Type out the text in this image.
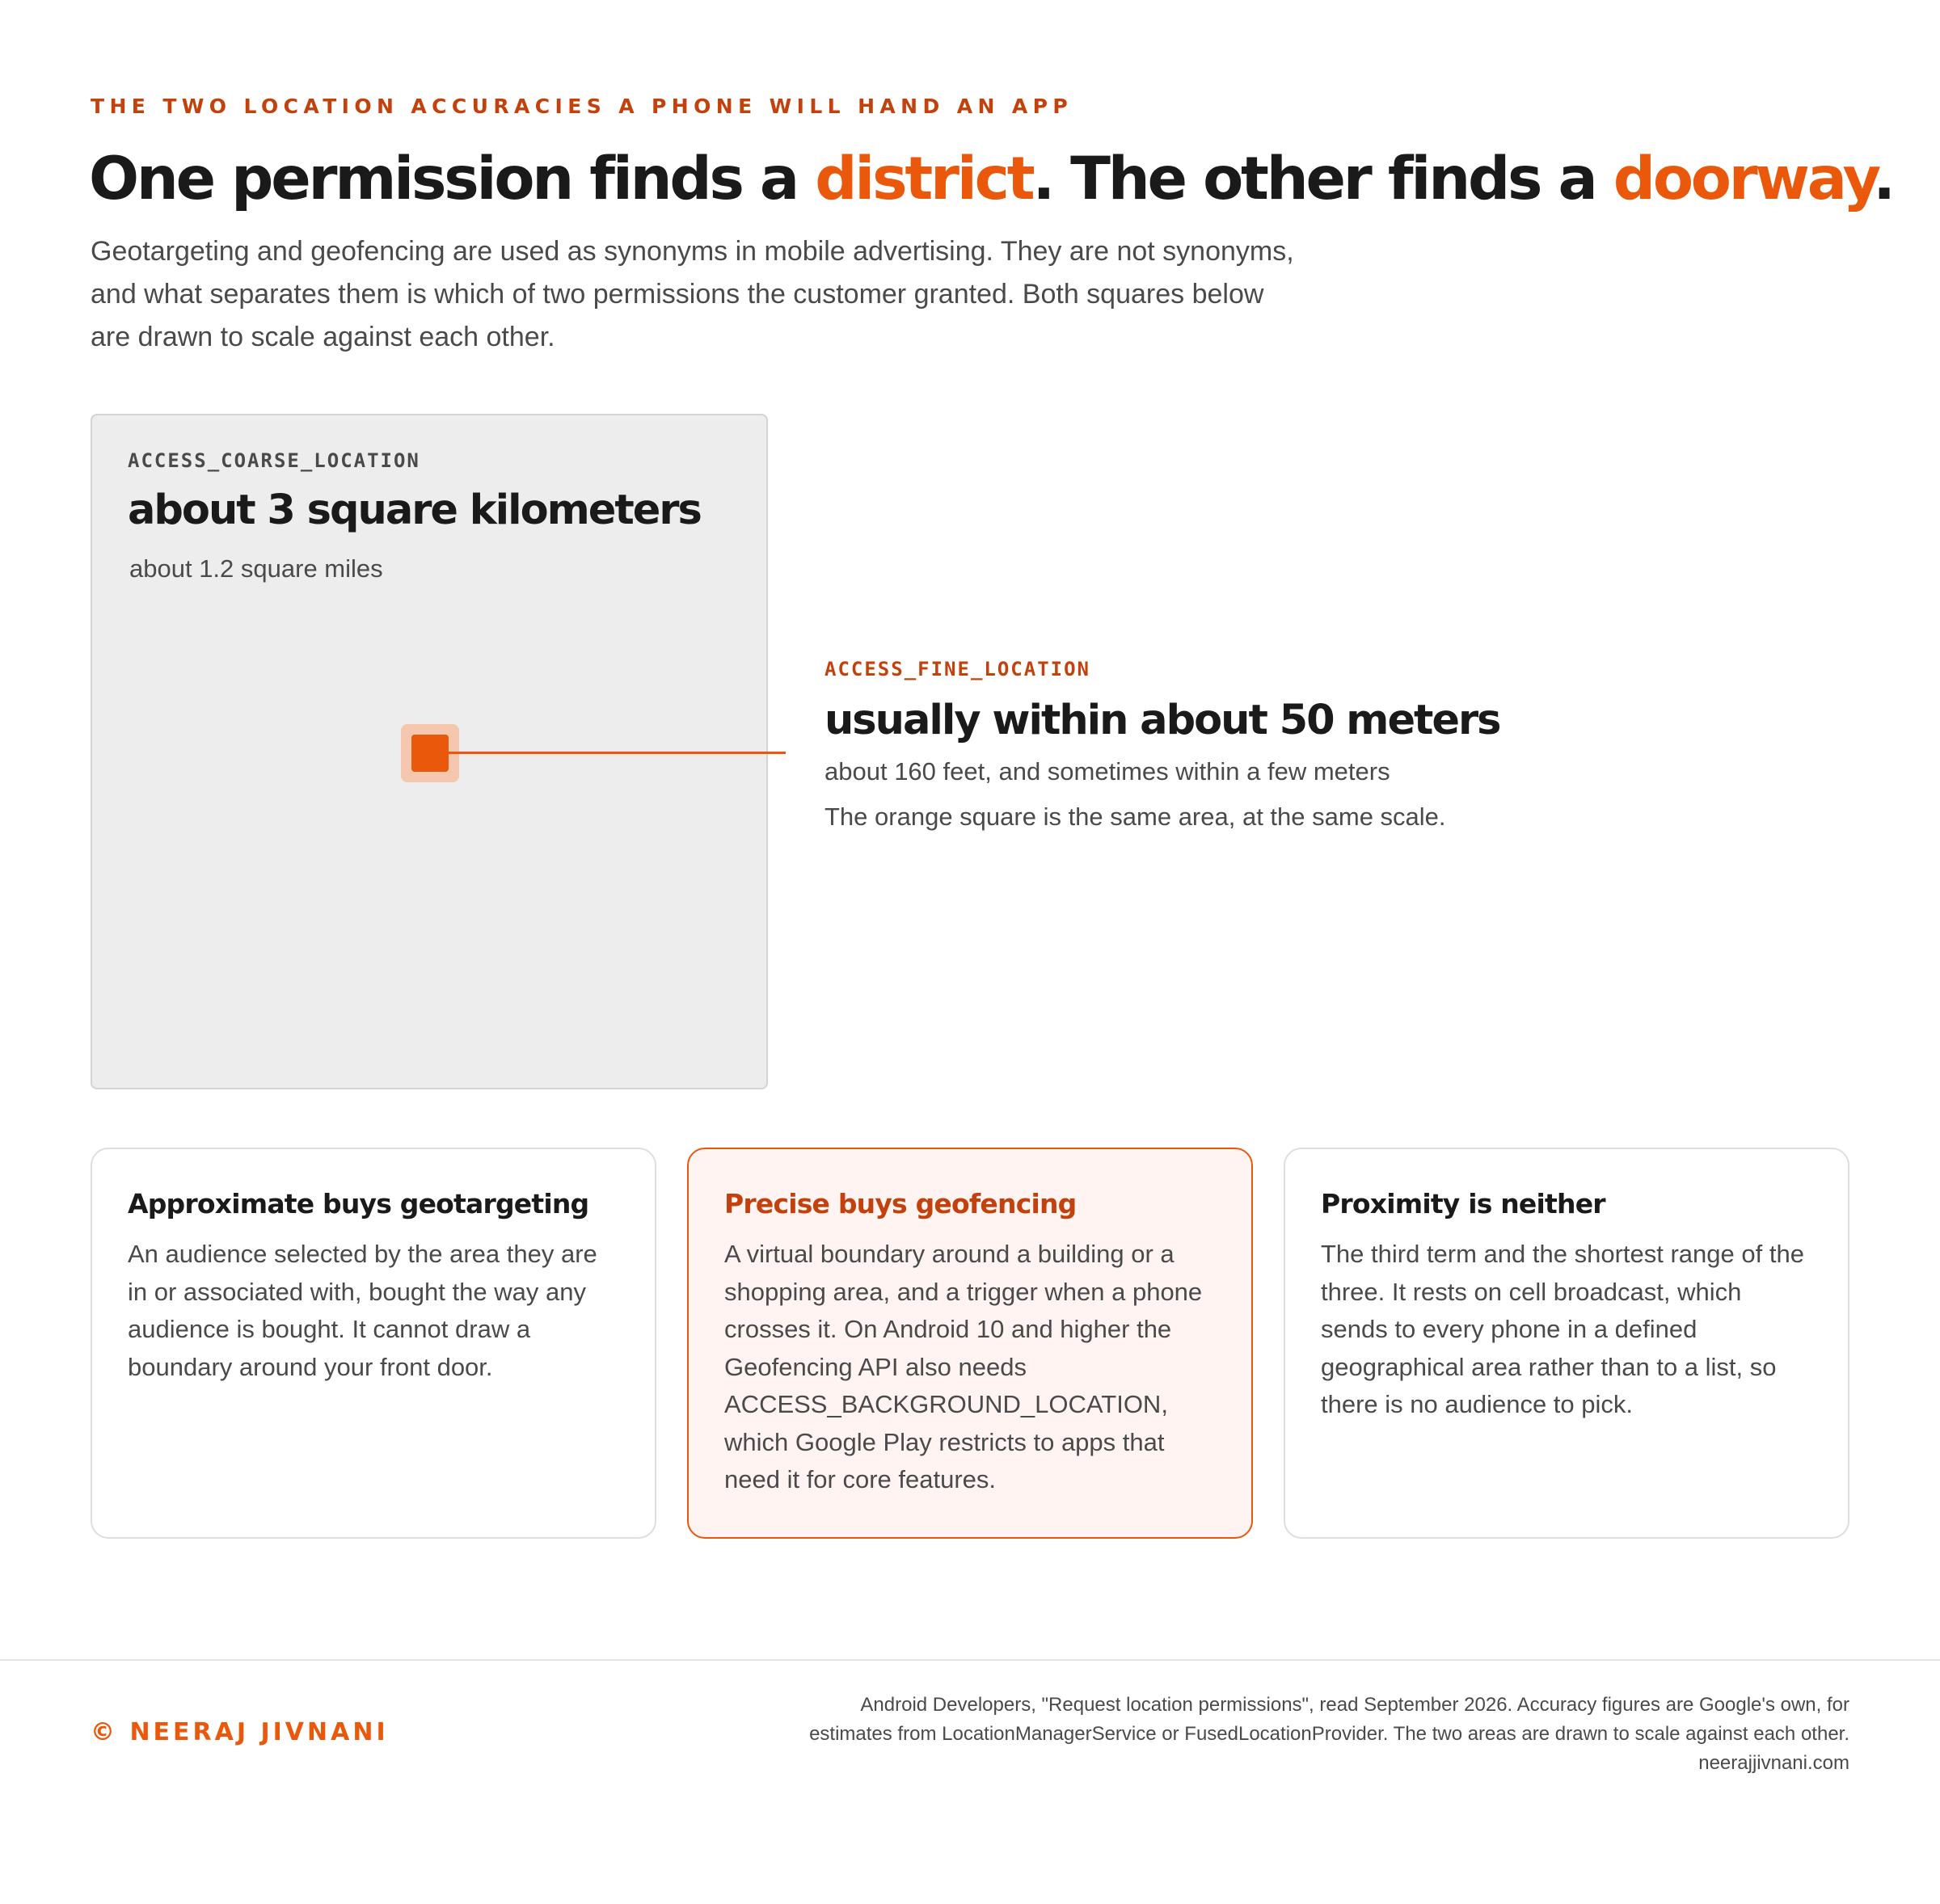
THE TWO LOCATION ACCURACIES A PHONE WILL HAND AN APP
One permission finds a district. The other finds a doorway.
Geotargeting and geofencing are used as synonyms in mobile advertising. They are not synonyms, and what separates them is which of two permissions the customer granted. Both squares below are drawn to scale against each other.
ACCESS_COARSE_LOCATION
about 3 square kilometers
about 1.2 square miles
ACCESS_FINE_LOCATION
usually within about 50 meters
about 160 feet, and sometimes within a few meters
The orange square is the same area, at the same scale.
Approximate buys geotargeting
An audience selected by the area they are in or associated with, bought the way any audience is bought. It cannot draw a boundary around your front door.
Precise buys geofencing
A virtual boundary around a building or a shopping area, and a trigger when a phone crosses it. On Android 10 and higher the Geofencing API also needs ACCESS_BACKGROUND_LOCATION, which Google Play restricts to apps that need it for core features.
Proximity is neither
The third term and the shortest range of the three. It rests on cell broadcast, which sends to every phone in a defined geographical area rather than to a list, so there is no audience to pick.
© NEERAJ JIVNANI
Android Developers, "Request location permissions", read September 2026. Accuracy figures are Google's own, for
estimates from LocationManagerService or FusedLocationProvider. The two areas are drawn to scale against each other.
neerajjivnani.com
